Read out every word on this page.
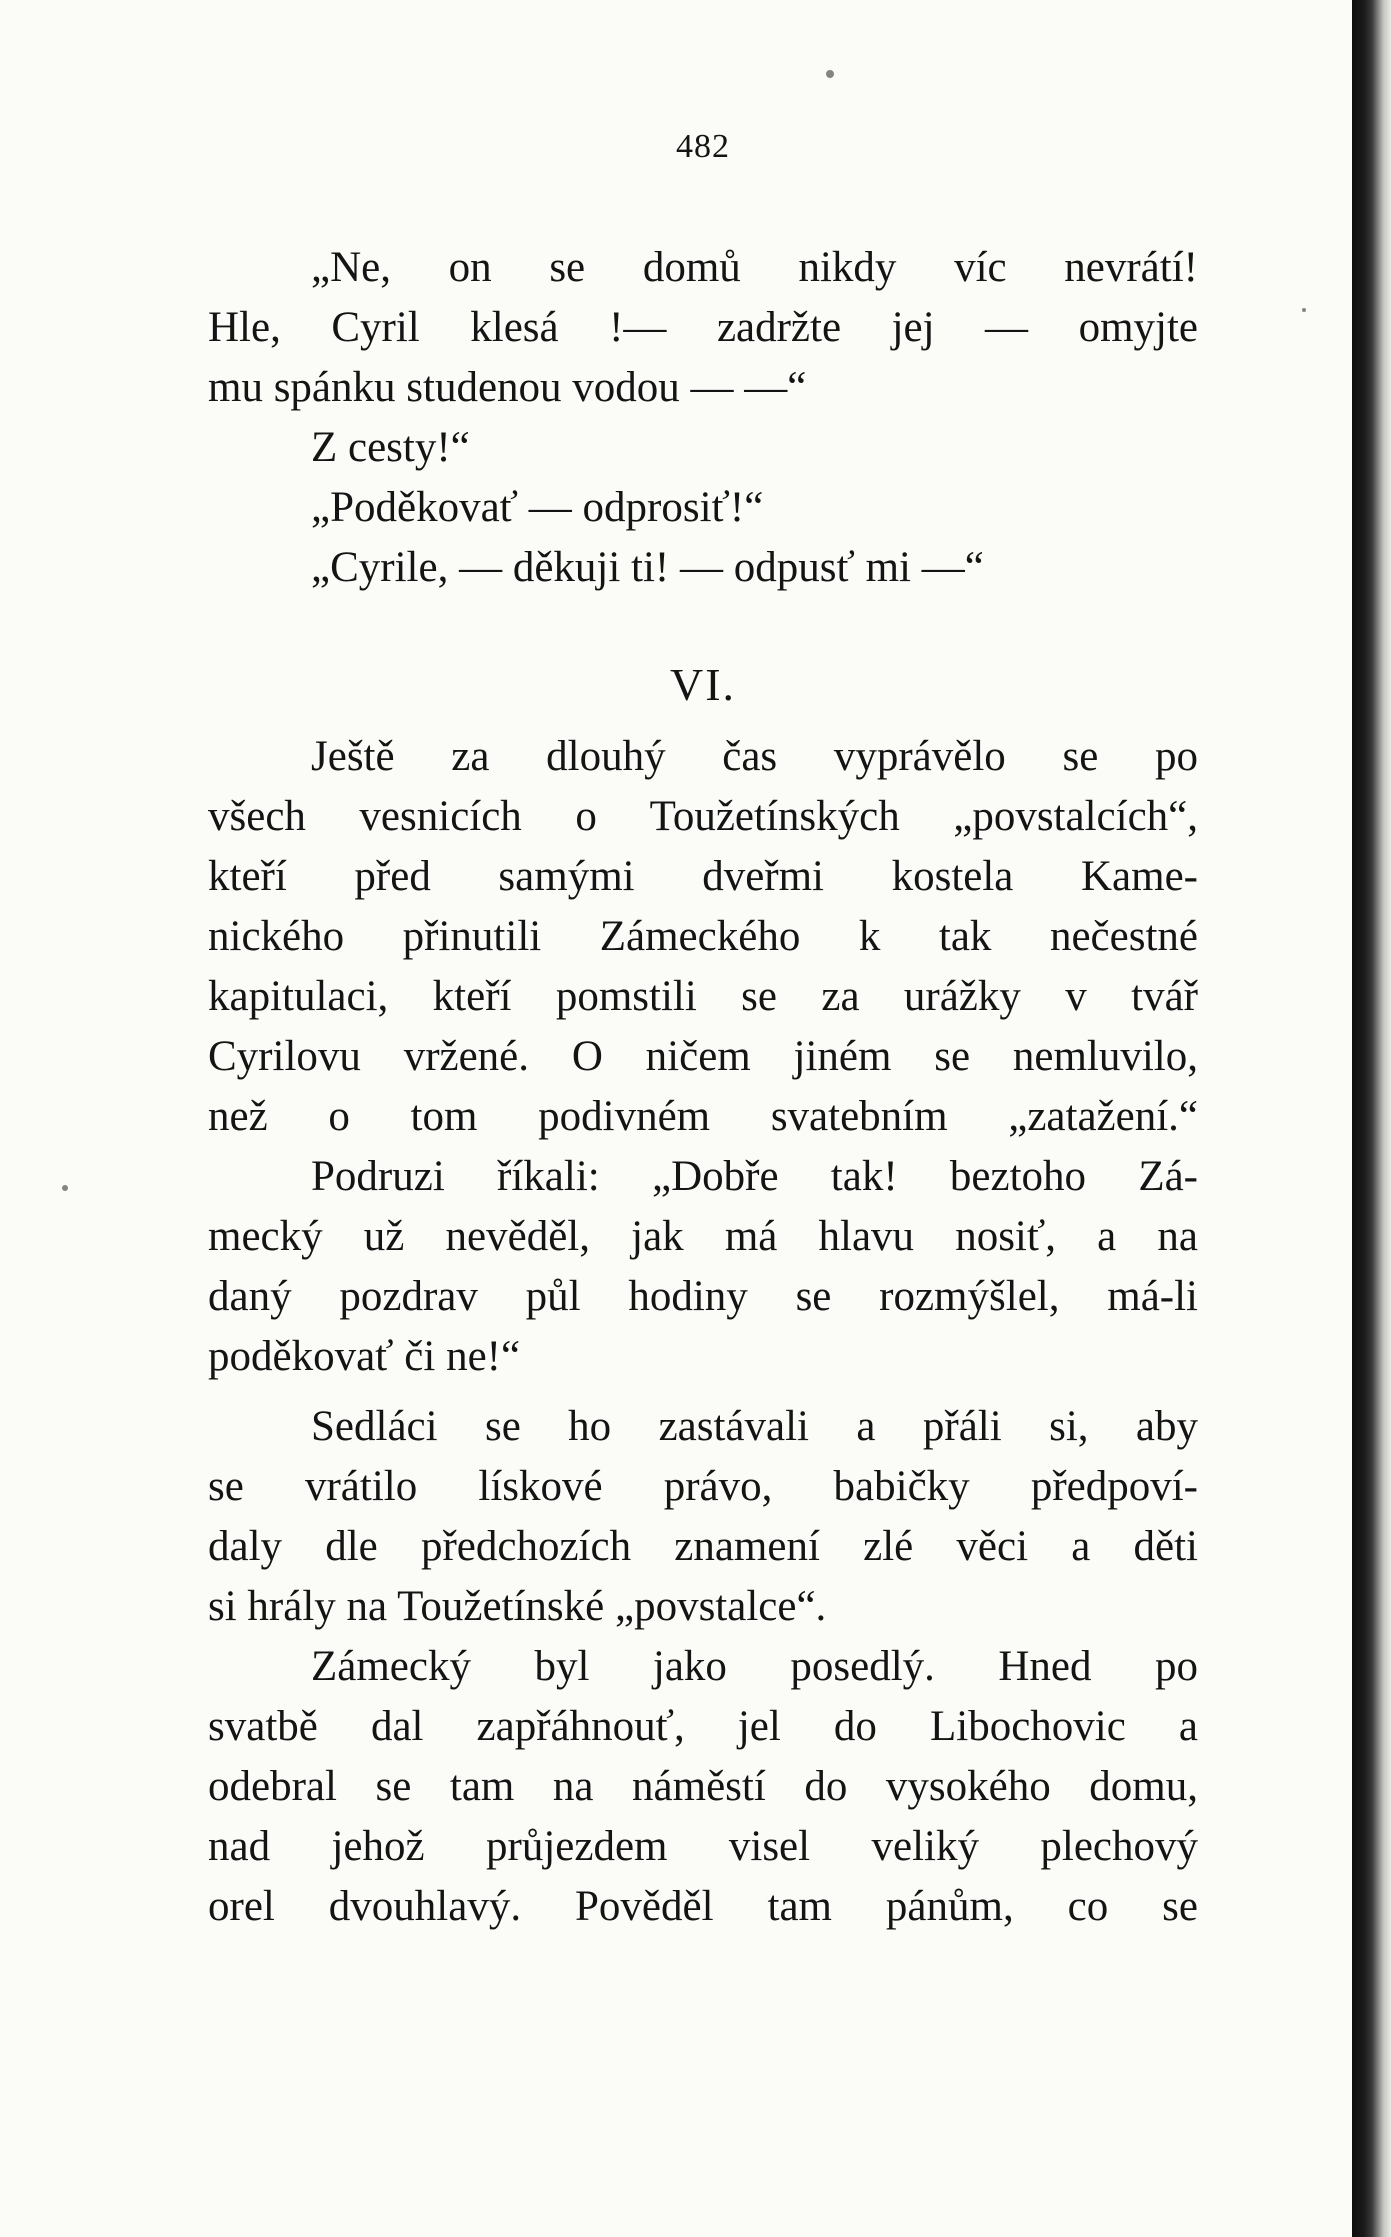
482
„Ne, on se domů nikdy víc nevrátí!
Hle, Cyril klesá !— zadržte jej — omyjte
mu spánku studenou vodou — —“
Z cesty!“
„Poděkovať — odprosiť!“
„Cyrile, — děkuji ti! — odpusť mi —“
VI.
Ještě za dlouhý čas vyprávělo se po
všech vesnicích o Toužetínských „povstalcích“,
kteří před samými dveřmi kostela Kame-
nického přinutili Zámeckého k tak nečestné
kapitulaci, kteří pomstili se za urážky v tvář
Cyrilovu vržené. O ničem jiném se nemluvilo,
než o tom podivném svatebním „zatažení.“
Podruzi říkali: „Dobře tak! beztoho Zá-
mecký už nevěděl, jak má hlavu nosiť, a na
daný pozdrav půl hodiny se rozmýšlel, má-li
poděkovať či ne!“
Sedláci se ho zastávali a přáli si, aby
se vrátilo lískové právo, babičky předpoví-
daly dle předchozích znamení zlé věci a děti
si hrály na Toužetínské „povstalce“.
Zámecký byl jako posedlý. Hned po
svatbě dal zapřáhnouť, jel do Libochovic a
odebral se tam na náměstí do vysokého domu,
nad jehož průjezdem visel veliký plechový
orel dvouhlavý. Pověděl tam pánům, co se
